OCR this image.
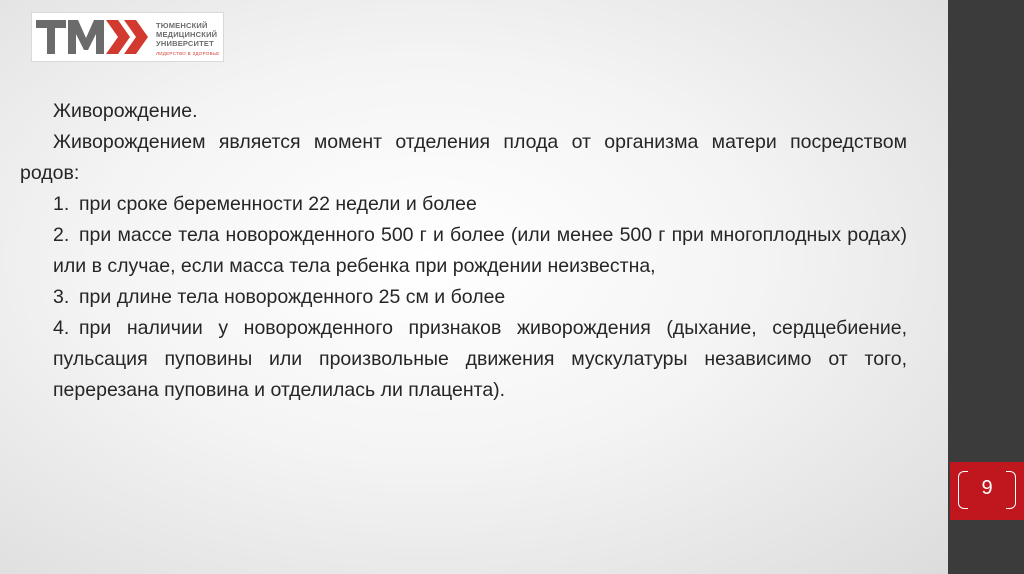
ТЮМЕНСКИЙ
МЕДИЦИНСКИЙ
УНИВЕРСИТЕТ
ЛИДЕРСТВО В ЗДОРОВЬЕ

Живорождение.

Живорождением является момент отделения плода от организма матери посредством родов:

1. при сроке беременности 22 недели и более

2. при массе тела новорожденного 500 г и более (или менее 500 г при многоплодных родах) или в случае, если масса тела ребенка при рождении неизвестна,

3. при длине тела новорожденного 25 см и более

4. при наличии у новорожденного признаков живорождения (дыхание, сердцебиение, пульсация пуповины или произвольные движения мускулатуры независимо от того, перерезана пуповина и отделилась ли плацента).

9
